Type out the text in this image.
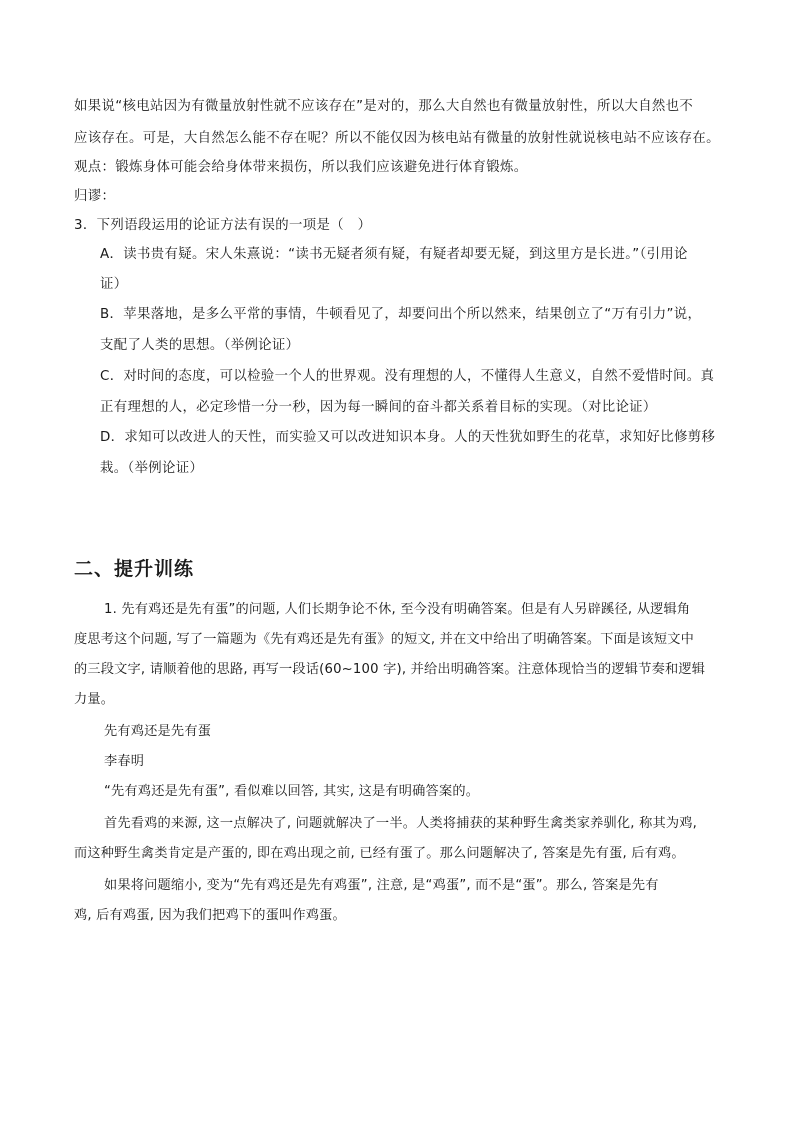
如果说“核电站因为有微量放射性就不应该存在”是对的，那么大自然也有微量放射性，所以大自然也不
应该存在。可是，大自然怎么能不存在呢？所以不能仅因为核电站有微量的放射性就说核电站不应该存在。
观点：锻炼身体可能会给身体带来损伤，所以我们应该避免进行体育锻炼。
归谬：
3．下列语段运用的论证方法有误的一项是（　）
A．读书贵有疑。宋人朱熹说：“读书无疑者须有疑，有疑者却要无疑，到这里方是长进。”（引用论
证）
B．苹果落地，是多么平常的事情，牛顿看见了，却要问出个所以然来，结果创立了“万有引力”说，
支配了人类的思想。（举例论证）
C．对时间的态度，可以检验一个人的世界观。没有理想的人，不懂得人生意义，自然不爱惜时间。真
正有理想的人，必定珍惜一分一秒，因为每一瞬间的奋斗都关系着目标的实现。（对比论证）
D．求知可以改进人的天性，而实验又可以改进知识本身。人的天性犹如野生的花草，求知好比修剪移
栽。（举例论证）
二、提升训练
1. 先有鸡还是先有蛋”的问题, 人们长期争论不休, 至今没有明确答案。但是有人另辟蹊径, 从逻辑角
度思考这个问题, 写了一篇题为《先有鸡还是先有蛋》的短文, 并在文中给出了明确答案。下面是该短文中
的三段文字, 请顺着他的思路, 再写一段话(60~100 字), 并给出明确答案。注意体现恰当的逻辑节奏和逻辑
力量。
先有鸡还是先有蛋
李春明
“先有鸡还是先有蛋”, 看似难以回答, 其实, 这是有明确答案的。
首先看鸡的来源, 这一点解决了, 问题就解决了一半。人类将捕获的某种野生禽类家养驯化, 称其为鸡,
而这种野生禽类肯定是产蛋的, 即在鸡出现之前, 已经有蛋了。那么问题解决了, 答案是先有蛋, 后有鸡。
如果将问题缩小, 变为“先有鸡还是先有鸡蛋”, 注意, 是“鸡蛋”, 而不是“蛋”。那么, 答案是先有
鸡, 后有鸡蛋, 因为我们把鸡下的蛋叫作鸡蛋。
